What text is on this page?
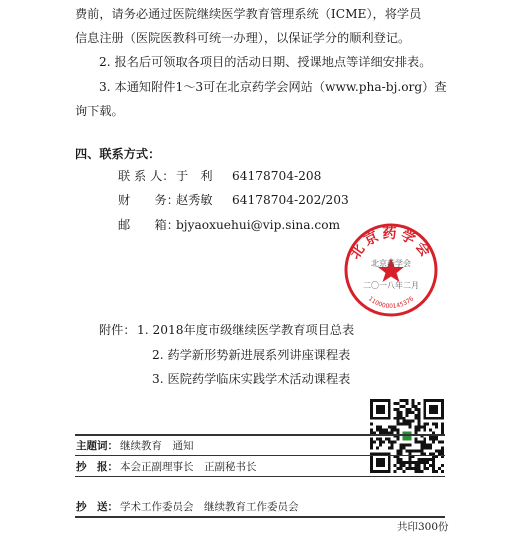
费前，请务必通过医院继续医学教育管理系统（ICME），将学员
信息注册（医院医教科可统一办理），以保证学分的顺利登记。
2. 报名后可领取各项目的活动日期、授课地点等详细安排表。
3. 本通知附件1～3可在北京药学会网站（www.pha-bj.org）查
询下载。
四、联系方式：
联 系 人： 于　利 64178704-208
财　　务：
赵秀敏 64178704-202/203
邮　　箱：
bjyaoxuehui@vip.sina.com
北京药学会
北京药学会
二〇一八年二月
1100000145376
附件： 1. 2018年度市级继续医学教育项目总表
2. 药学新形势新进展系列讲座课程表
3. 医院药学临床实践学术活动课程表
主题词： 继续教育　通知
抄　报： 本会正副理事长　正副秘书长
抄　送： 学术工作委员会　继续教育工作委员会
共印300份
